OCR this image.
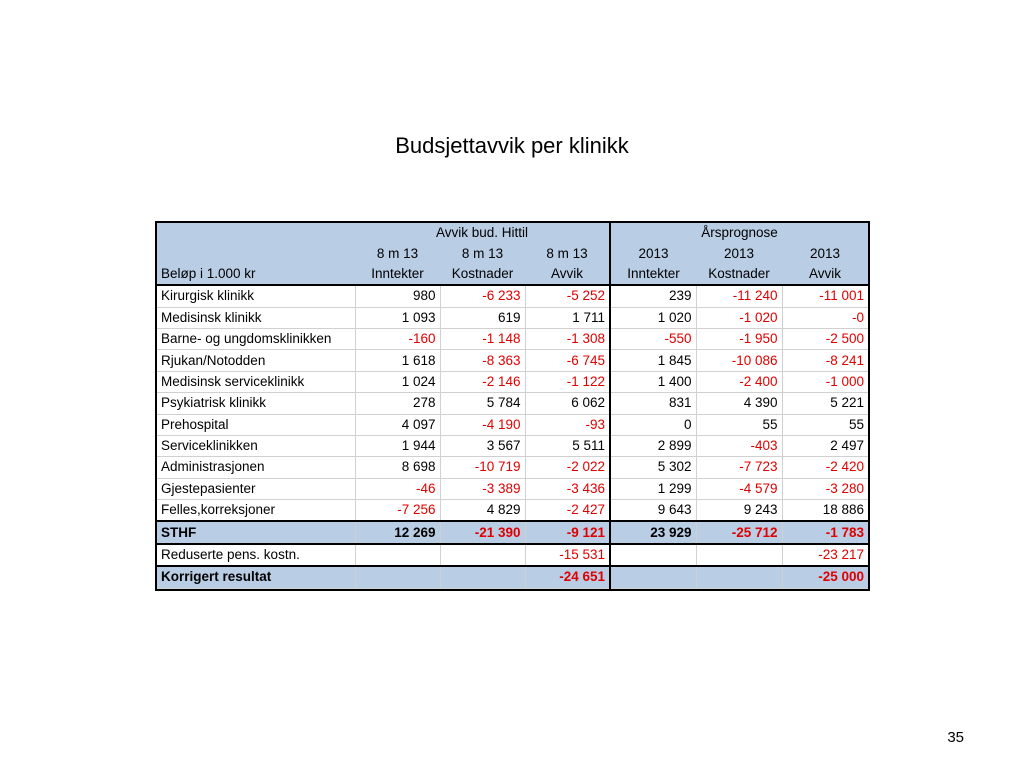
Budsjettavvik per klinikk
	Avvik bud. Hittil			Årsprognose		
	8 m 13	8 m 13	8 m 13	2013	2013	2013
Beløp i 1.000 kr	Inntekter	Kostnader	Avvik	Inntekter	Kostnader	Avvik
Kirurgisk klinikk	980	-6 233	-5 252	239	-11 240	-11 001
Medisinsk klinikk	1 093	619	1 711	1 020	-1 020	-0
Barne- og ungdomsklinikken	-160	-1 148	-1 308	-550	-1 950	-2 500
Rjukan/Notodden	1 618	-8 363	-6 745	1 845	-10 086	-8 241
Medisinsk serviceklinikk	1 024	-2 146	-1 122	1 400	-2 400	-1 000
Psykiatrisk klinikk	278	5 784	6 062	831	4 390	5 221
Prehospital	4 097	-4 190	-93	0	55	55
Serviceklinikken	1 944	3 567	5 511	2 899	-403	2 497
Administrasjonen	8 698	-10 719	-2 022	5 302	-7 723	-2 420
Gjestepasienter	-46	-3 389	-3 436	1 299	-4 579	-3 280
Felles,korreksjoner	-7 256	4 829	-2 427	9 643	9 243	18 886
STHF	12 269	-21 390	-9 121	23 929	-25 712	-1 783
Reduserte pens. kostn.			-15 531			-23 217
Korrigert resultat			-24 651			-25 000
35
